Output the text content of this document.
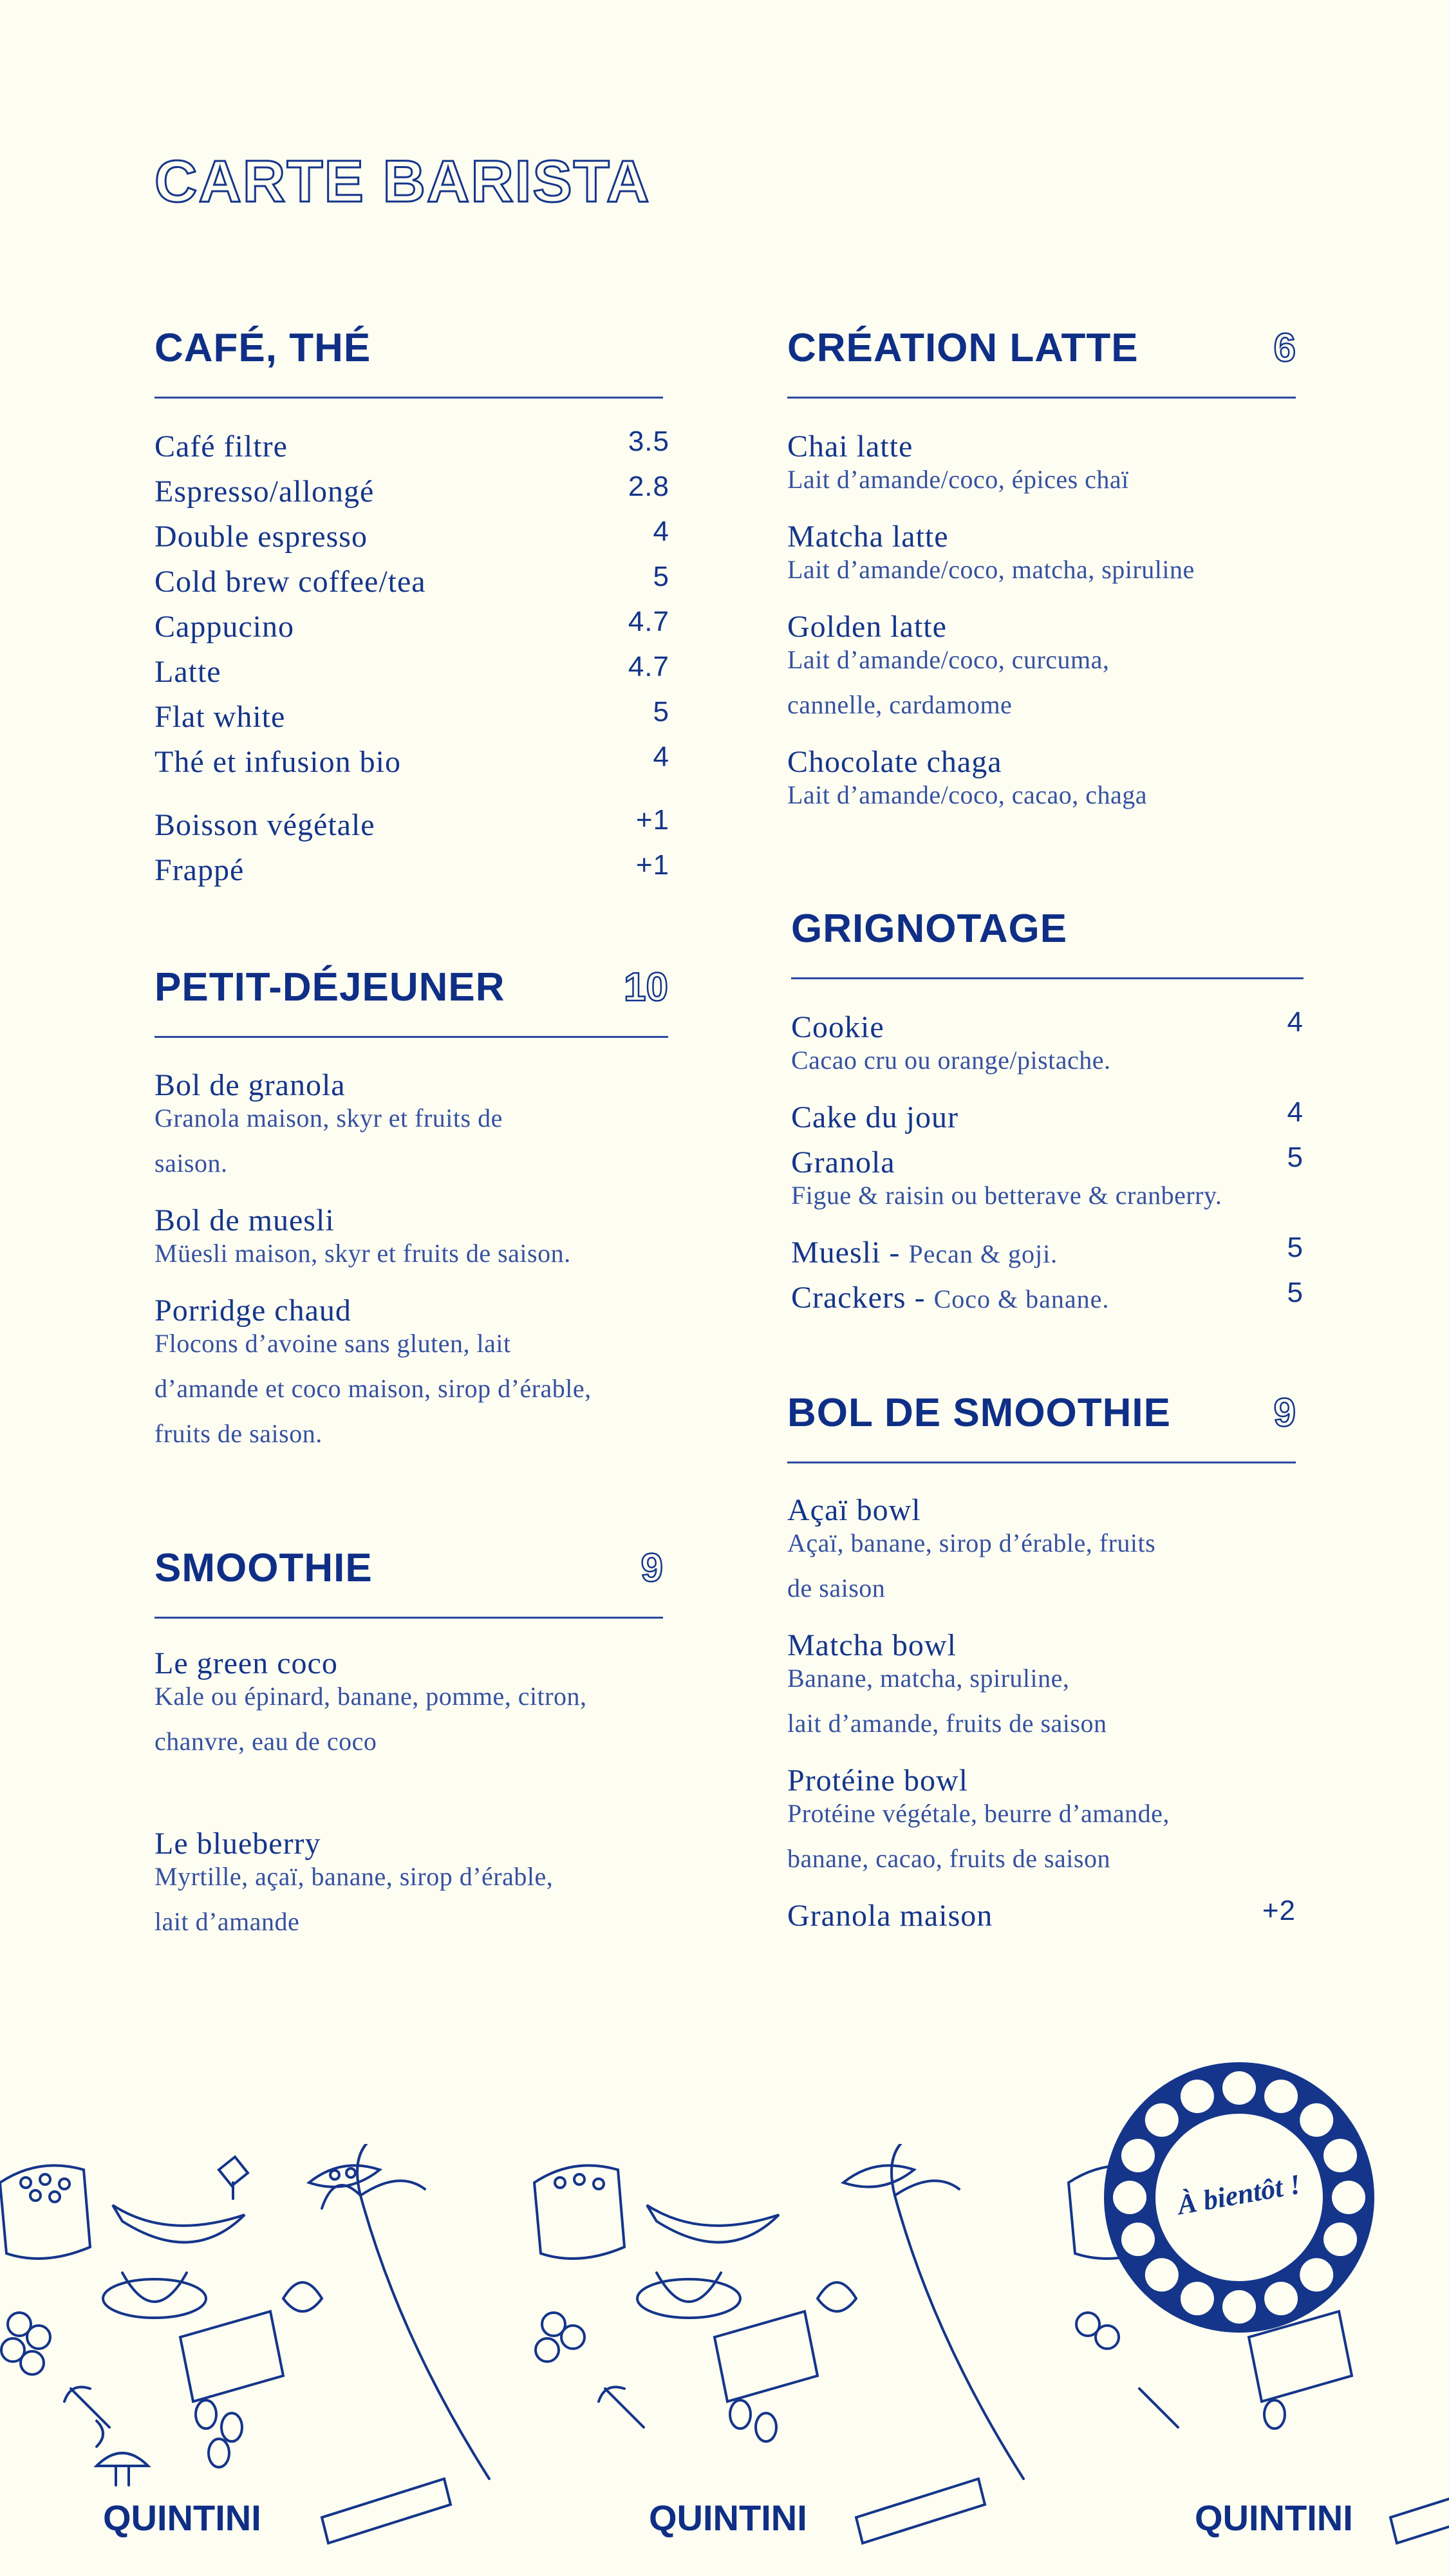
CARTE BARISTA
CAFÉ, THÉ
Café filtre	3.5
Espresso/allongé	2.8
Double espresso	4
Cold brew coffee/tea	5
Cappucino	4.7
Latte	4.7
Flat white	5
Thé et infusion bio	4
Boisson végétale	+1
Frappé	+1
CRÉATION LATTE	6
Chai latte
Lait d’amande/coco, épices chaï
Matcha latte
Lait d’amande/coco, matcha, spiruline
Golden latte
Lait d’amande/coco, curcuma,
cannelle, cardamome
Chocolate chaga
Lait d’amande/coco, cacao, chaga
PETIT-DÉJEUNER	10
Bol de granola
Granola maison, skyr et fruits de
saison.
Bol de muesli
Müesli maison, skyr et fruits de saison.
Porridge chaud
Flocons d’avoine sans gluten, lait
d’amande et coco maison, sirop d’érable,
fruits de saison.
GRIGNOTAGE
Cookie	4
Cacao cru ou orange/pistache.
Cake du jour	4
Granola	5
Figue & raisin ou betterave & cranberry.
Muesli - Pecan & goji.	5
Crackers - Coco & banane.	5
SMOOTHIE	9
Le green coco
Kale ou épinard, banane, pomme, citron,
chanvre, eau de coco
Le blueberry
Myrtille, açaï, banane, sirop d’érable,
lait d’amande
BOL DE SMOOTHIE	9
Açaï bowl
Açaï, banane, sirop d’érable, fruits
de saison
Matcha bowl
Banane, matcha, spiruline,
lait d’amande, fruits de saison
Protéine bowl
Protéine végétale, beurre d’amande,
banane, cacao, fruits de saison
Granola maison	+2
QUINTINI	QUINTINI	QUINTINI
À bientôt !
